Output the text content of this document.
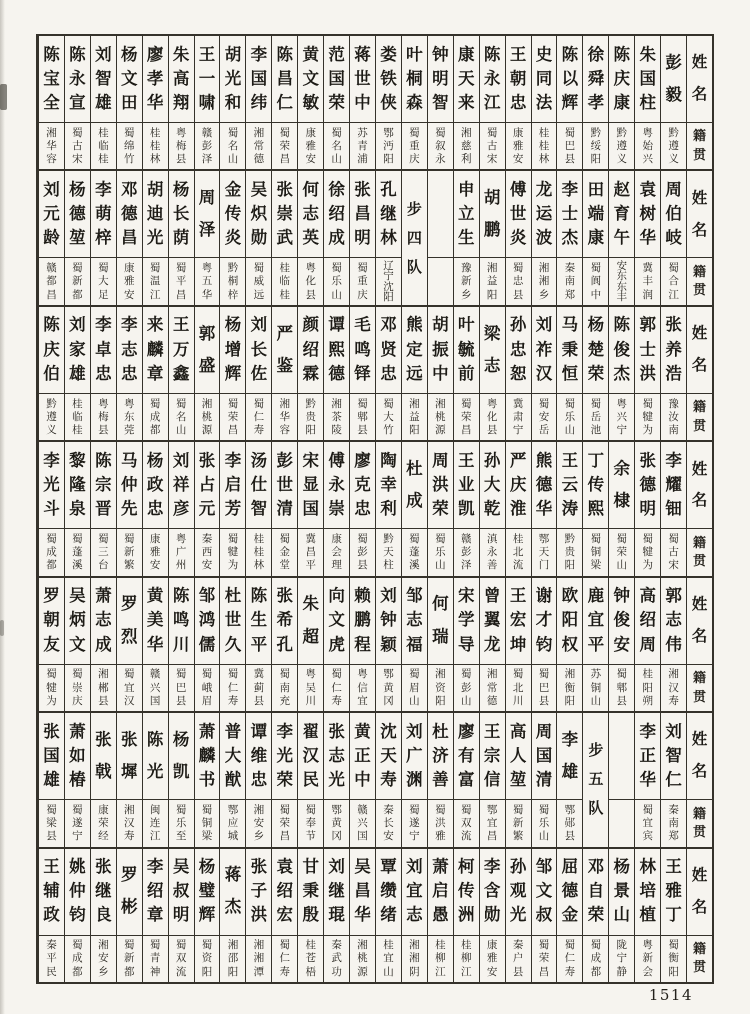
姓
名
籍
贯
彭
毅
黔
遵
义
朱
国
柱
粤
始
兴
陈
庆
康
黔
遵
义
徐
舜
孝
黔
绥
阳
陈
以
辉
蜀
巴
县
史
同
法
桂
桂
林
王
朝
忠
康
雅
安
陈
永
江
蜀
古
宋
康
天
来
湘
慈
利
钟
明
智
蜀
叙
永
叶
桐
森
蜀
重
庆
娄
铁
侠
鄂
沔
阳
蒋
世
中
苏
青
浦
范
国
荣
蜀
名
山
黄
文
敏
康
雅
安
陈
昌
仁
蜀
荣
昌
李
国
纬
湘
常
德
胡
光
和
蜀
名
山
王
一
啸
赣
彭
泽
朱
高
翔
粤
梅
县
廖
孝
华
桂
桂
林
杨
文
田
蜀
绵
竹
刘
智
雄
桂
临
桂
陈
永
宣
蜀
古
宋
陈
宝
全
湘
华
容
姓
名
籍
贯
周
伯
岐
蜀
合
江
袁
树
华
冀
丰
润
赵
育
午
安
东
东
丰
田
端
康
蜀
阆
中
李
士
杰
秦
南
郑
龙
运
波
湘
湘
乡
傅
世
炎
蜀
忠
县
胡
鹏
湘
益
阳
申
立
生
豫
新
乡
步
四
队
孔
继
林
辽
宁
沈
阳
张
昌
明
蜀
重
庆
徐
绍
成
蜀
乐
山
何
志
英
粤
化
县
张
崇
武
桂
临
桂
吴
炽
勋
蜀
威
远
金
传
炎
黔
桐
梓
周
泽
粤
五
华
杨
长
荫
蜀
平
昌
胡
迪
光
蜀
温
江
邓
德
昌
康
雅
安
李
萌
梓
蜀
大
足
杨
德
堃
蜀
新
都
刘
元
龄
赣
都
昌
姓
名
籍
贯
张
养
浩
豫
汝
南
郭
士
洪
蜀
犍
为
陈
俊
杰
粤
兴
宁
杨
楚
荣
蜀
岳
池
马
秉
恒
蜀
乐
山
刘
祚
汉
蜀
安
岳
孙
忠
恕
冀
肃
宁
梁
志
粤
化
县
叶
毓
前
蜀
荣
昌
胡
振
中
湘
桃
源
熊
定
远
湘
益
阳
邓
贤
忠
蜀
大
竹
毛
鸣
铎
蜀
郫
县
谭
熙
德
湘
茶
陵
颜
绍
霖
黔
贵
阳
严
鉴
湘
华
容
刘
长
佐
蜀
仁
寿
杨
增
辉
蜀
荣
昌
郭
盛
湘
桃
源
王
万
鑫
蜀
名
山
来
麟
章
蜀
成
都
李
志
忠
粤
东
莞
李
卓
忠
粤
梅
县
刘
家
雄
桂
临
桂
陈
庆
伯
黔
遵
义
姓
名
籍
贯
李
耀
钿
蜀
古
宋
张
德
明
蜀
犍
为
余
棣
蜀
荣
山
丁
传
熙
蜀
铜
梁
王
云
涛
黔
贵
阳
熊
德
华
鄂
天
门
严
庆
淮
桂
北
流
孙
大
乾
滇
永
善
王
业
凯
赣
彭
泽
周
洪
荣
蜀
乐
山
杜
成
蜀
蓬
溪
陶
幸
利
黔
天
柱
廖
克
忠
蜀
彭
县
傅
永
崇
康
会
理
宋
显
国
冀
昌
平
彭
世
清
蜀
金
堂
汤
仕
智
桂
桂
林
李
启
芳
蜀
犍
为
张
占
元
秦
西
安
刘
祥
彦
粤
广
州
杨
政
忠
康
雅
安
马
仲
先
蜀
新
繁
陈
宗
晋
蜀
三
台
黎
隆
泉
蜀
蓬
溪
李
光
斗
蜀
成
都
姓
名
籍
贯
郭
志
伟
湘
汉
寿
高
绍
周
桂
阳
朔
钟
俊
安
蜀
郫
县
鹿
宜
平
苏
铜
山
欧
阳
权
湘
衡
阳
谢
才
钧
蜀
巴
县
王
宏
坤
蜀
北
川
曾
翼
龙
湘
常
德
宋
学
导
蜀
彭
山
何
瑞
湘
资
阳
邹
志
福
蜀
眉
山
刘
钟
颖
鄂
黄
冈
赖
鹏
程
粤
信
宜
向
文
虎
蜀
仁
寿
朱
超
粤
吴
川
张
希
孔
蜀
南
充
陈
生
平
冀
蓟
县
杜
世
久
蜀
仁
寿
邹
鸿
儒
蜀
峨
眉
陈
鸣
川
蜀
巴
县
黄
美
华
赣
兴
国
罗
烈
蜀
宜
汉
萧
志
成
湘
郴
县
吴
炳
文
蜀
崇
庆
罗
朝
友
蜀
犍
为
姓
名
籍
贯
刘
智
仁
秦
南
郑
李
正
华
蜀
宜
宾
步
五
队
李
雄
鄂
郧
县
周
国
清
蜀
乐
山
高
人
堃
蜀
新
繁
王
宗
信
鄂
宜
昌
廖
有
富
蜀
双
流
杜
济
善
蜀
洪
雅
刘
广
渊
蜀
遂
宁
沈
天
寿
秦
长
安
黄
正
中
赣
兴
国
张
志
光
鄂
黄
冈
翟
汉
民
蜀
奉
节
李
光
荣
蜀
荣
昌
谭
维
忠
湘
安
乡
普
大
猷
鄂
应
城
萧
麟
书
蜀
铜
梁
杨
凯
蜀
乐
至
陈
光
闽
连
江
张
墀
湘
汉
寿
张
戟
康
荣
经
萧
如
椿
蜀
遂
宁
张
国
雄
蜀
梁
县
姓
名
籍
贯
王
雅
丁
蜀
衡
阳
林
培
植
粤
新
会
杨
景
山
陇
宁
静
邓
自
荣
蜀
成
都
屈
德
金
蜀
仁
寿
邹
文
叔
蜀
荣
昌
孙
观
光
秦
户
县
李
含
勋
康
雅
安
柯
传
洲
桂
柳
江
萧
启
愚
桂
柳
江
刘
宜
志
湘
湘
阴
覃
缵
绪
桂
宜
山
吴
昌
华
湘
桃
源
刘
继
琨
秦
武
功
甘
秉
殷
桂
苍
梧
袁
绍
宏
蜀
仁
寿
张
子
洪
湘
湘
潭
蒋
杰
湘
邵
阳
杨
璧
辉
蜀
资
阳
吴
叔
明
蜀
双
流
李
绍
章
蜀
青
神
罗
彬
蜀
新
都
张
继
良
湘
安
乡
姚
仲
钧
蜀
成
都
王
辅
政
秦
平
民
1514
